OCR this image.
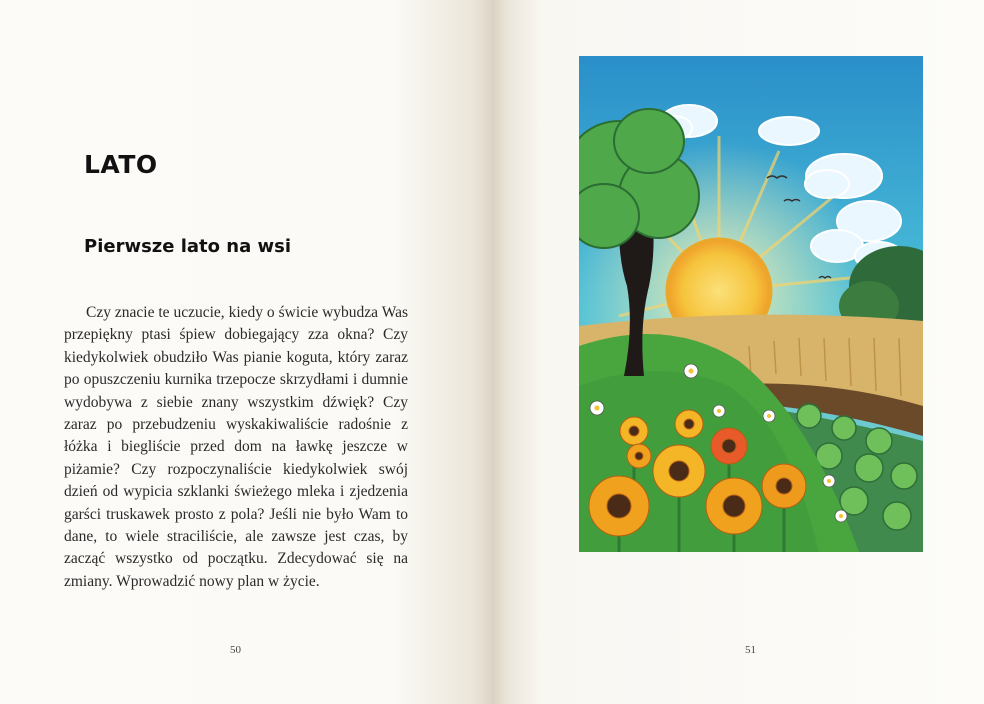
LATO
Pierwsze lato na wsi

Czy znacie te uczucie, kiedy o świcie wybudza Was przepiękny ptasi śpiew dobiegający zza okna? Czy kiedykolwiek obudziło Was pianie koguta, który zaraz po opuszczeniu kurnika trzepocze skrzydłami i dumnie wydobywa z siebie znany wszystkim dźwięk? Czy zaraz po przebudzeniu wyskakiwaliście radośnie z łóżka i biegliście przed dom na ławkę jeszcze w piżamie? Czy rozpoczynaliście kiedykolwiek swój dzień od wypicia szklanki świeżego mleka i zjedzenia garści truskawek prosto z pola? Jeśli nie było Wam to dane, to wiele straciliście, ale zawsze jest czas, by zacząć wszystko od początku. Zdecydować się na zmiany. Wprowadzić nowy plan w życie.

50	51
